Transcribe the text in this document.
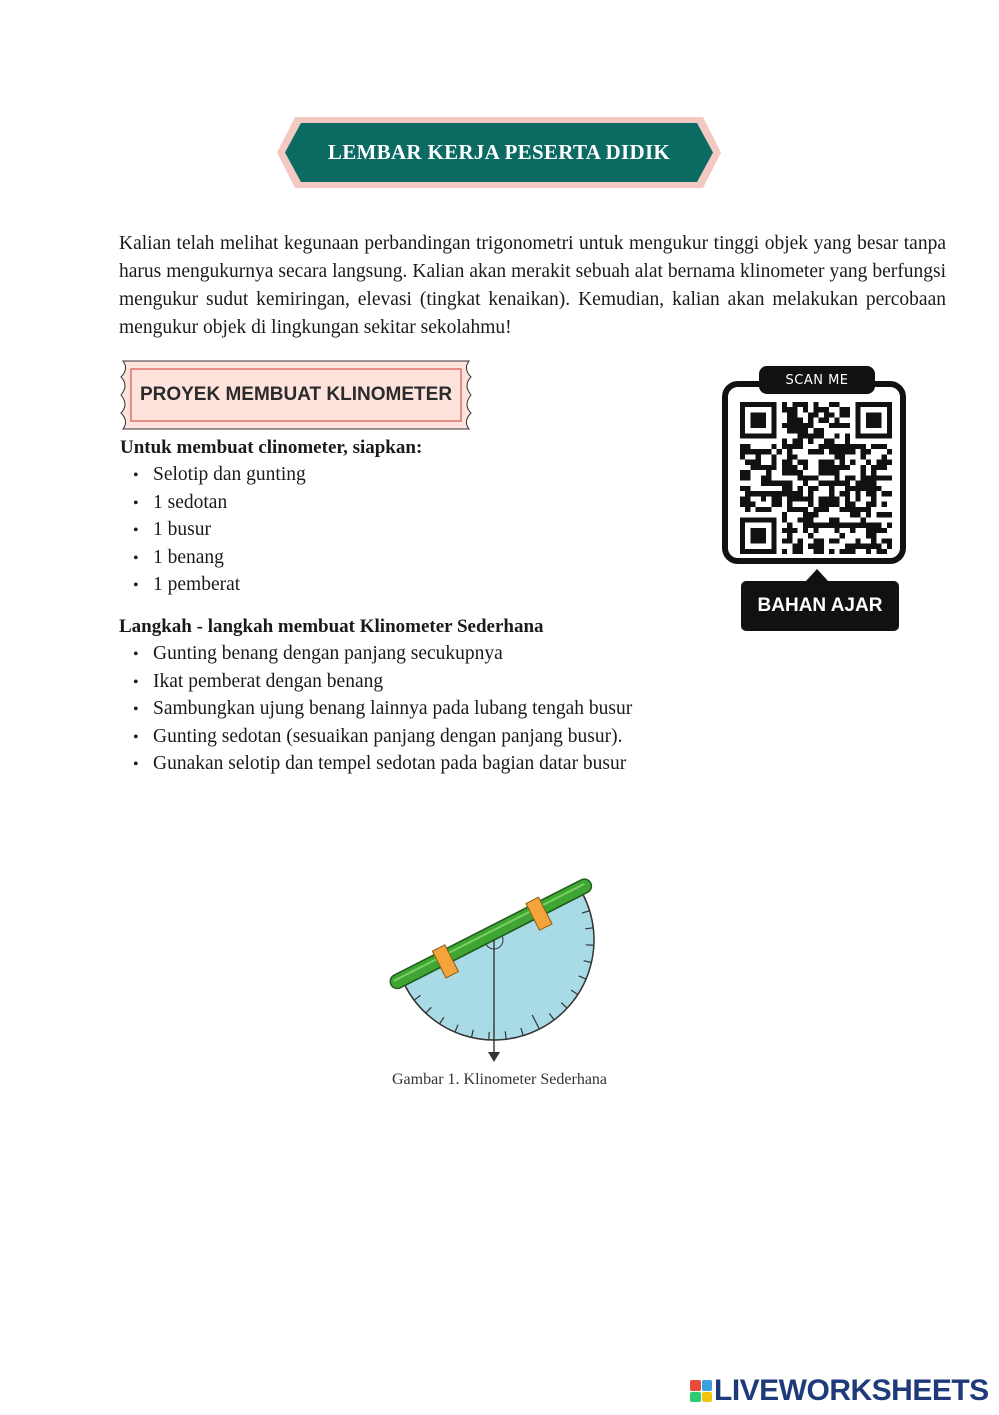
LEMBAR KERJA PESERTA DIDIK

Kalian telah melihat kegunaan perbandingan trigonometri untuk mengukur tinggi objek yang besar tanpa harus mengukurnya secara langsung. Kalian akan merakit sebuah alat bernama klinometer yang berfungsi mengukur sudut kemiringan, elevasi (tingkat kenaikan). Kemudian, kalian akan melakukan percobaan mengukur objek di lingkungan sekitar sekolahmu!

PROYEK MEMBUAT KLINOMETER

Untuk membuat clinometer, siapkan:

• Selotip dan gunting
• 1 sedotan
• 1 busur
• 1 benang
• 1 pemberat

Langkah - langkah membuat Klinometer Sederhana

• Gunting benang dengan panjang secukupnya
• Ikat pemberat dengan benang
• Sambungkan ujung benang lainnya pada lubang tengah busur
• Gunting sedotan (sesuaikan panjang dengan panjang busur).
• Gunakan selotip dan tempel sedotan pada bagian datar busur
SCAN ME
BAHAN AJAR
Gambar 1. Klinometer Sederhana
LIVEWORKSHEETS
